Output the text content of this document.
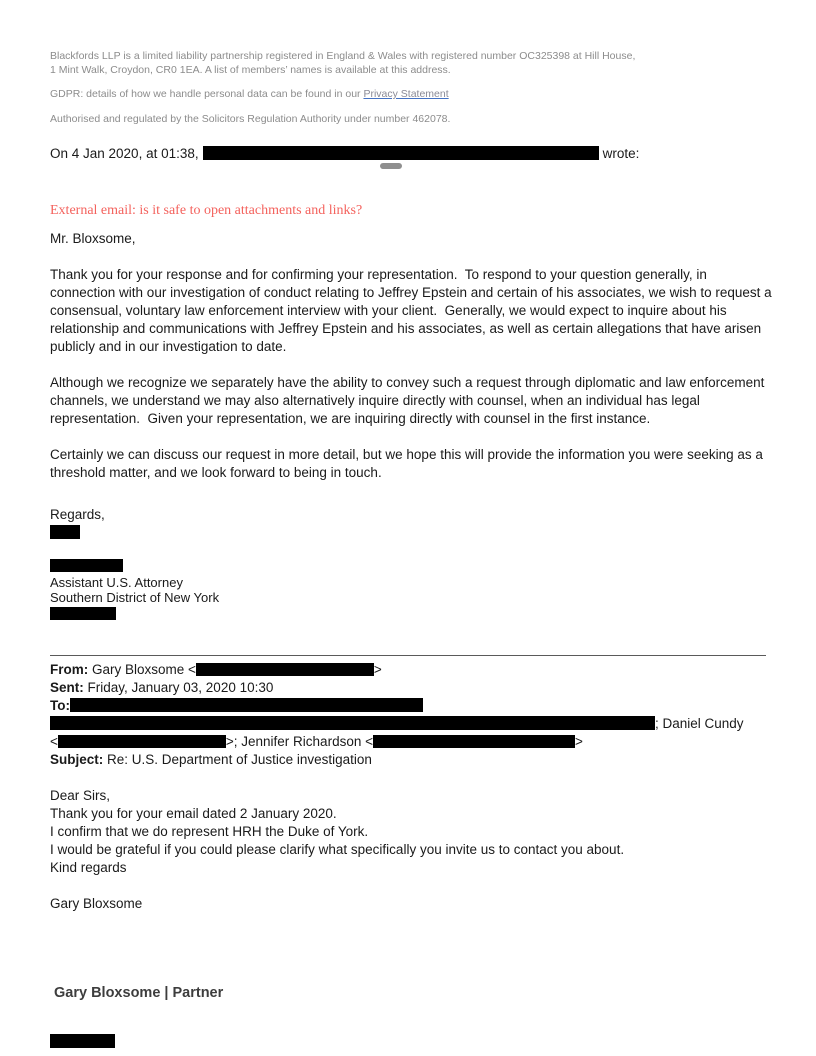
Blackfords LLP is a limited liability partnership registered in England & Wales with registered number OC325398 at Hill House, 1 Mint Walk, Croydon, CR0 1EA. A list of members’ names is available at this address.

GDPR: details of how we handle personal data can be found in our Privacy Statement

Authorised and regulated by the Solicitors Regulation Authority under number 462078.

On 4 Jan 2020, at 01:38,	wrote:
External email: is it safe to open attachments and links?

Mr. Bloxsome,

Thank you for your response and for confirming your representation.  To respond to your question generally, in connection with our investigation of conduct relating to Jeffrey Epstein and certain of his associates, we wish to request a consensual, voluntary law enforcement interview with your client.  Generally, we would expect to inquire about his relationship and communications with Jeffrey Epstein and his associates, as well as certain allegations that have arisen publicly and in our investigation to date.

Although we recognize we separately have the ability to convey such a request through diplomatic and law enforcement channels, we understand we may also alternatively inquire directly with counsel, when an individual has legal representation.  Given your representation, we are inquiring directly with counsel in the first instance.

Certainly we can discuss our request in more detail, but we hope this will provide the information you were seeking as a threshold matter, and we look forward to being in touch.

Regards,
Assistant U.S. Attorney
Southern District of New York
From: Gary Bloxsome <	>
Sent: Friday, January 03, 2020 10:30
To:
; Daniel Cundy
<	>; Jennifer Richardson <	>
Subject: Re: U.S. Department of Justice investigation
Dear Sirs,
Thank you for your email dated 2 January 2020.
I confirm that we do represent HRH the Duke of York.
I would be grateful if you could please clarify what specifically you invite us to contact you about.
Kind regards
Gary Bloxsome
Gary Bloxsome | Partner
